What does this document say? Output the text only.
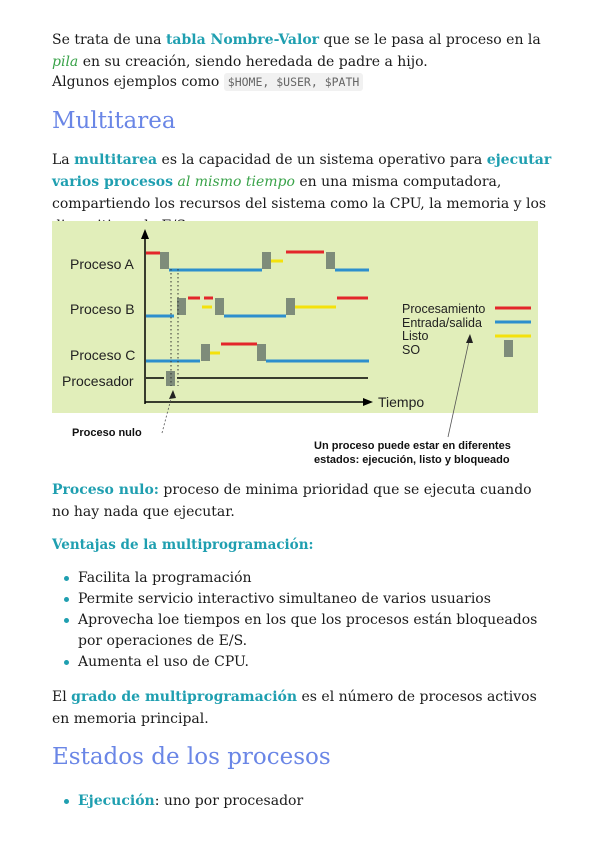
Se trata de una tabla Nombre-Valor que se le pasa al proceso en la pila en su creación, siendo heredada de padre a hijo.

Algunos ejemplos como $HOME, $USER, $PATH

Multitarea

La multitarea es la capacidad de un sistema operativo para ejecutar varios procesos al mismo tiempo en una misma computadora, compartiendo los recursos del sistema como la CPU, la memoria y los

Tiempo
Proceso A
Proceso B
Proceso C
Procesador
Procesamiento
Entrada/salida
Listo
SO
Proceso nulo
Un proceso puede estar en diferentes
estados: ejecución, listo y bloqueado

Proceso nulo: proceso de minima prioridad que se ejecuta cuando no hay nada que ejecutar.

Ventajas de la multiprogramación:
Facilita la programación
Permite servicio interactivo simultaneo de varios usuarios
Aprovecha loe tiempos en los que los procesos están bloqueados por operaciones de E/S.
Aumenta el uso de CPU.

El grado de multiprogramación es el número de procesos activos en memoria principal.

Estados de los procesos
Ejecución: uno por procesador
